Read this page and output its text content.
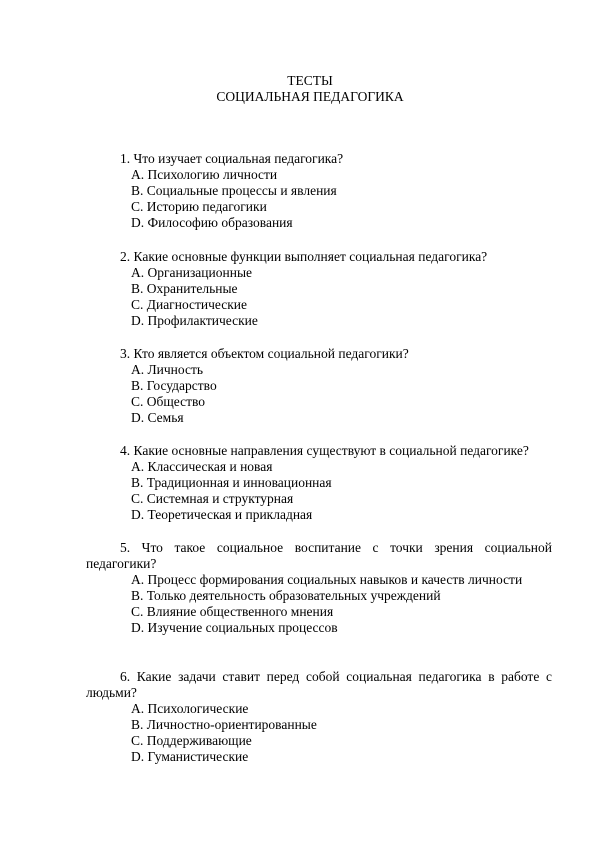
ТЕСТЫ
СОЦИАЛЬНАЯ ПЕДАГОГИКА
1. Что изучает социальная педагогика?
A. Психологию личности
B. Социальные процессы и явления
C. Историю педагогики
D. Философию образования
2. Какие основные функции выполняет социальная педагогика?
A. Организационные
B. Охранительные
C. Диагностические
D. Профилактические
3. Кто является объектом социальной педагогики?
A. Личность
B. Государство
C. Общество
D. Семья
4. Какие основные направления существуют в социальной педагогике?
A. Классическая и новая
B. Традиционная и инновационная
C. Системная и структурная
D. Теоретическая и прикладная
5. Что такое социальное воспитание с точки зрения социальной педагогики?
A. Процесс формирования социальных навыков и качеств личности
B. Только деятельность образовательных учреждений
C. Влияние общественного мнения
D. Изучение социальных процессов
6. Какие задачи ставит перед собой социальная педагогика в работе с людьми?
A. Психологические
B. Личностно-ориентированные
C. Поддерживающие
D. Гуманистические
